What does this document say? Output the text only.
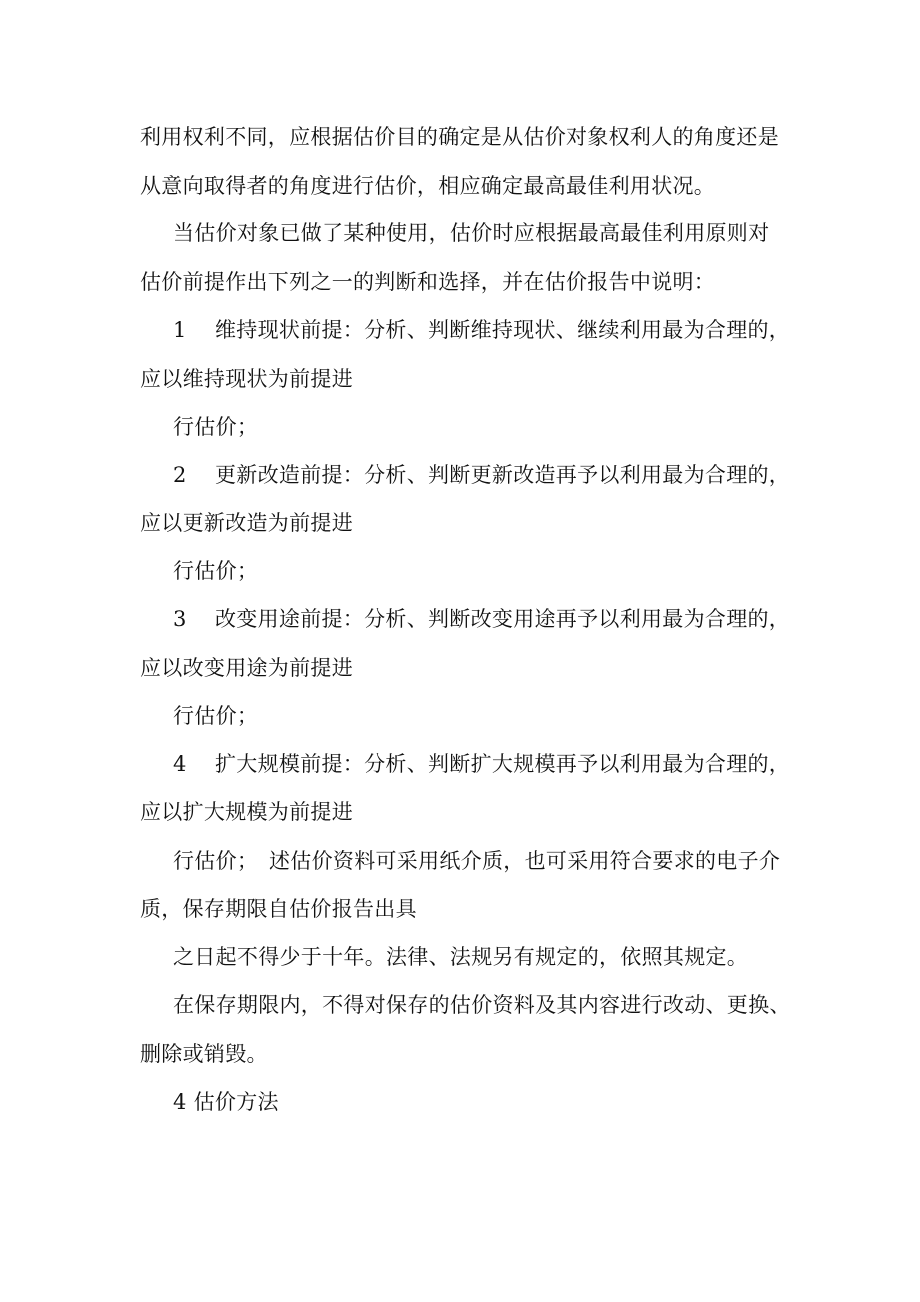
利用权利不同，应根据估价目的确定是从估价对象权利人的角度还是
从意向取得者的角度进行估价，相应确定最高最佳利用状况。
当估价对象已做了某种使用，估价时应根据最高最佳利用原则对
估价前提作出下列之一的判断和选择，并在估价报告中说明：
1 维持现状前提：分析、判断维持现状、继续利用最为合理的，
应以维持现状为前提进
行估价；
2 更新改造前提：分析、判断更新改造再予以利用最为合理的，
应以更新改造为前提进
行估价；
3 改变用途前提：分析、判断改变用途再予以利用最为合理的，
应以改变用途为前提进
行估价；
4 扩大规模前提：分析、判断扩大规模再予以利用最为合理的，
应以扩大规模为前提进
行估价；　述估价资料可采用纸介质，也可采用符合要求的电子介
质，保存期限自估价报告出具
之日起不得少于十年。法律、法规另有规定的，依照其规定。
在保存期限内，不得对保存的估价资料及其内容进行改动、更换、
删除或销毁。
4 估价方法
